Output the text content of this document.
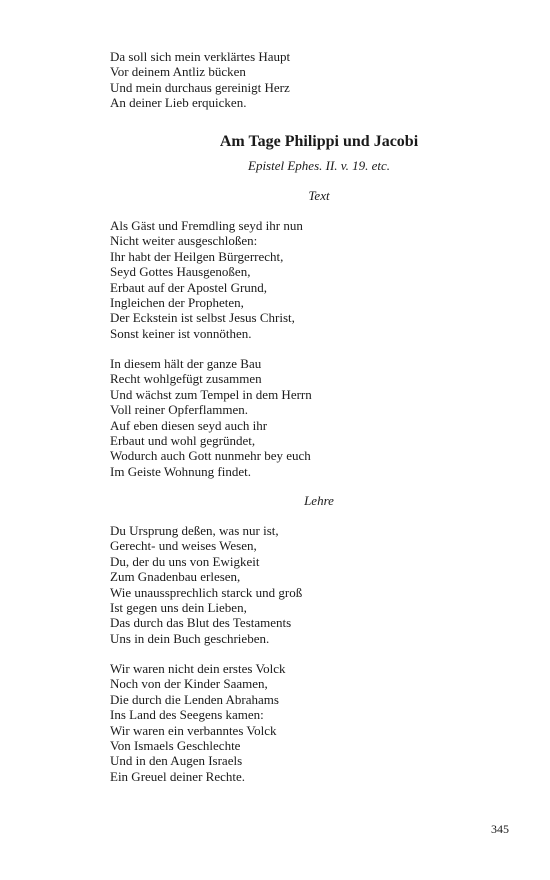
Da soll sich mein verklärtes Haupt
Vor deinem Antliz bücken
Und mein durchaus gereinigt Herz
An deiner Lieb erquicken.
Am Tage Philippi und Jacobi
Epistel Ephes. II. v. 19. etc.
Text
Als Gäst und Fremdling seyd ihr nun
Nicht weiter ausgeschloßen:
Ihr habt der Heilgen Bürgerrecht,
Seyd Gottes Hausgenoßen,
Erbaut auf der Apostel Grund,
Ingleichen der Propheten,
Der Eckstein ist selbst Jesus Christ,
Sonst keiner ist vonnöthen.
In diesem hält der ganze Bau
Recht wohlgefügt zusammen
Und wächst zum Tempel in dem Herrn
Voll reiner Opferflammen.
Auf eben diesen seyd auch ihr
Erbaut und wohl gegründet,
Wodurch auch Gott nunmehr bey euch
Im Geiste Wohnung findet.
Lehre
Du Ursprung deßen, was nur ist,
Gerecht- und weises Wesen,
Du, der du uns von Ewigkeit
Zum Gnadenbau erlesen,
Wie unaussprechlich starck und groß
Ist gegen uns dein Lieben,
Das durch das Blut des Testaments
Uns in dein Buch geschrieben.
Wir waren nicht dein erstes Volck
Noch von der Kinder Saamen,
Die durch die Lenden Abrahams
Ins Land des Seegens kamen:
Wir waren ein verbanntes Volck
Von Ismaels Geschlechte
Und in den Augen Israels
Ein Greuel deiner Rechte.
345
